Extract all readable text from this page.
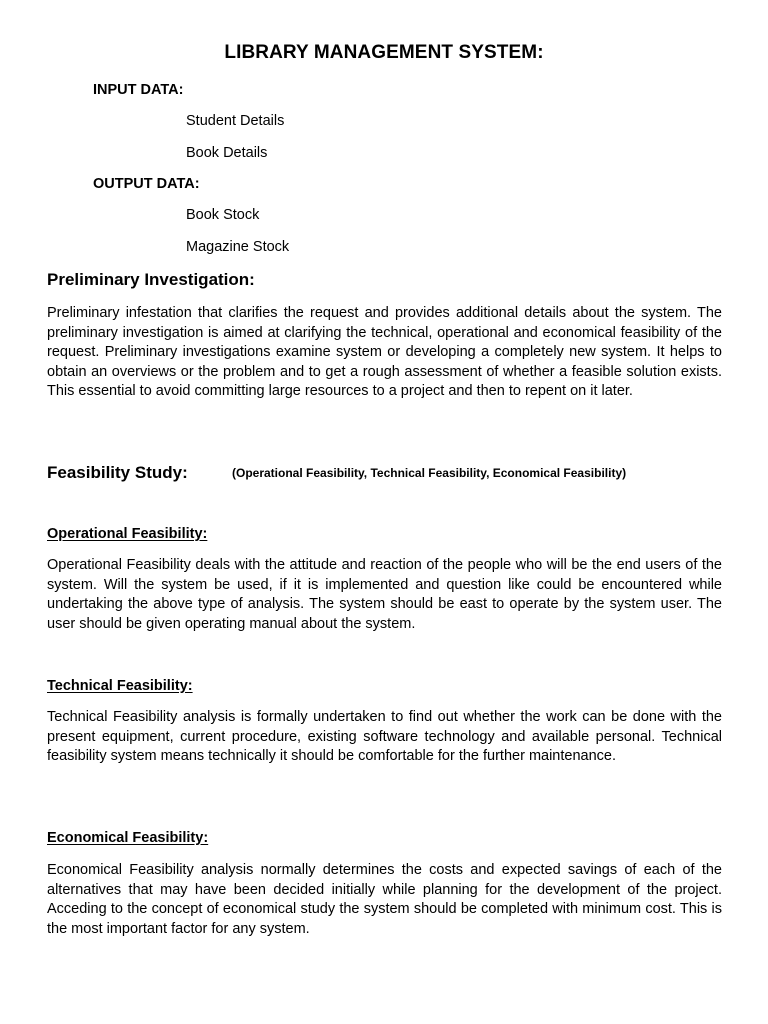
LIBRARY MANAGEMENT SYSTEM:
INPUT DATA:
Student Details
Book Details
OUTPUT DATA:
Book Stock
Magazine Stock
Preliminary Investigation:

Preliminary infestation that clarifies the request and provides additional details about the system. The preliminary investigation is aimed at clarifying the technical, operational and economical feasibility of the request. Preliminary investigations examine system or developing a completely new system. It helps to obtain an overviews or the problem and to get a rough assessment of whether a feasible solution exists. This essential to avoid committing large resources to a project and then to repent on it later.

Feasibility Study:	(Operational Feasibility, Technical Feasibility, Economical Feasibility)
Operational Feasibility:

Operational Feasibility deals with the attitude and reaction of the people who will be the end users of the system. Will the system be used, if it is implemented and question like could be encountered while undertaking the above type of analysis. The system should be east to operate by the system user. The user should be given operating manual about the system.

Technical Feasibility:

Technical Feasibility analysis is formally undertaken to find out whether the work can be done with the present equipment, current procedure, existing software technology and available personal. Technical feasibility system means technically it should be comfortable for the further maintenance.

Economical Feasibility:

Economical Feasibility analysis normally determines the costs and expected savings of each of the alternatives that may have been decided initially while planning for the development of the project. Acceding to the concept of economical study the system should be completed with minimum cost. This is the most important factor for any system.
